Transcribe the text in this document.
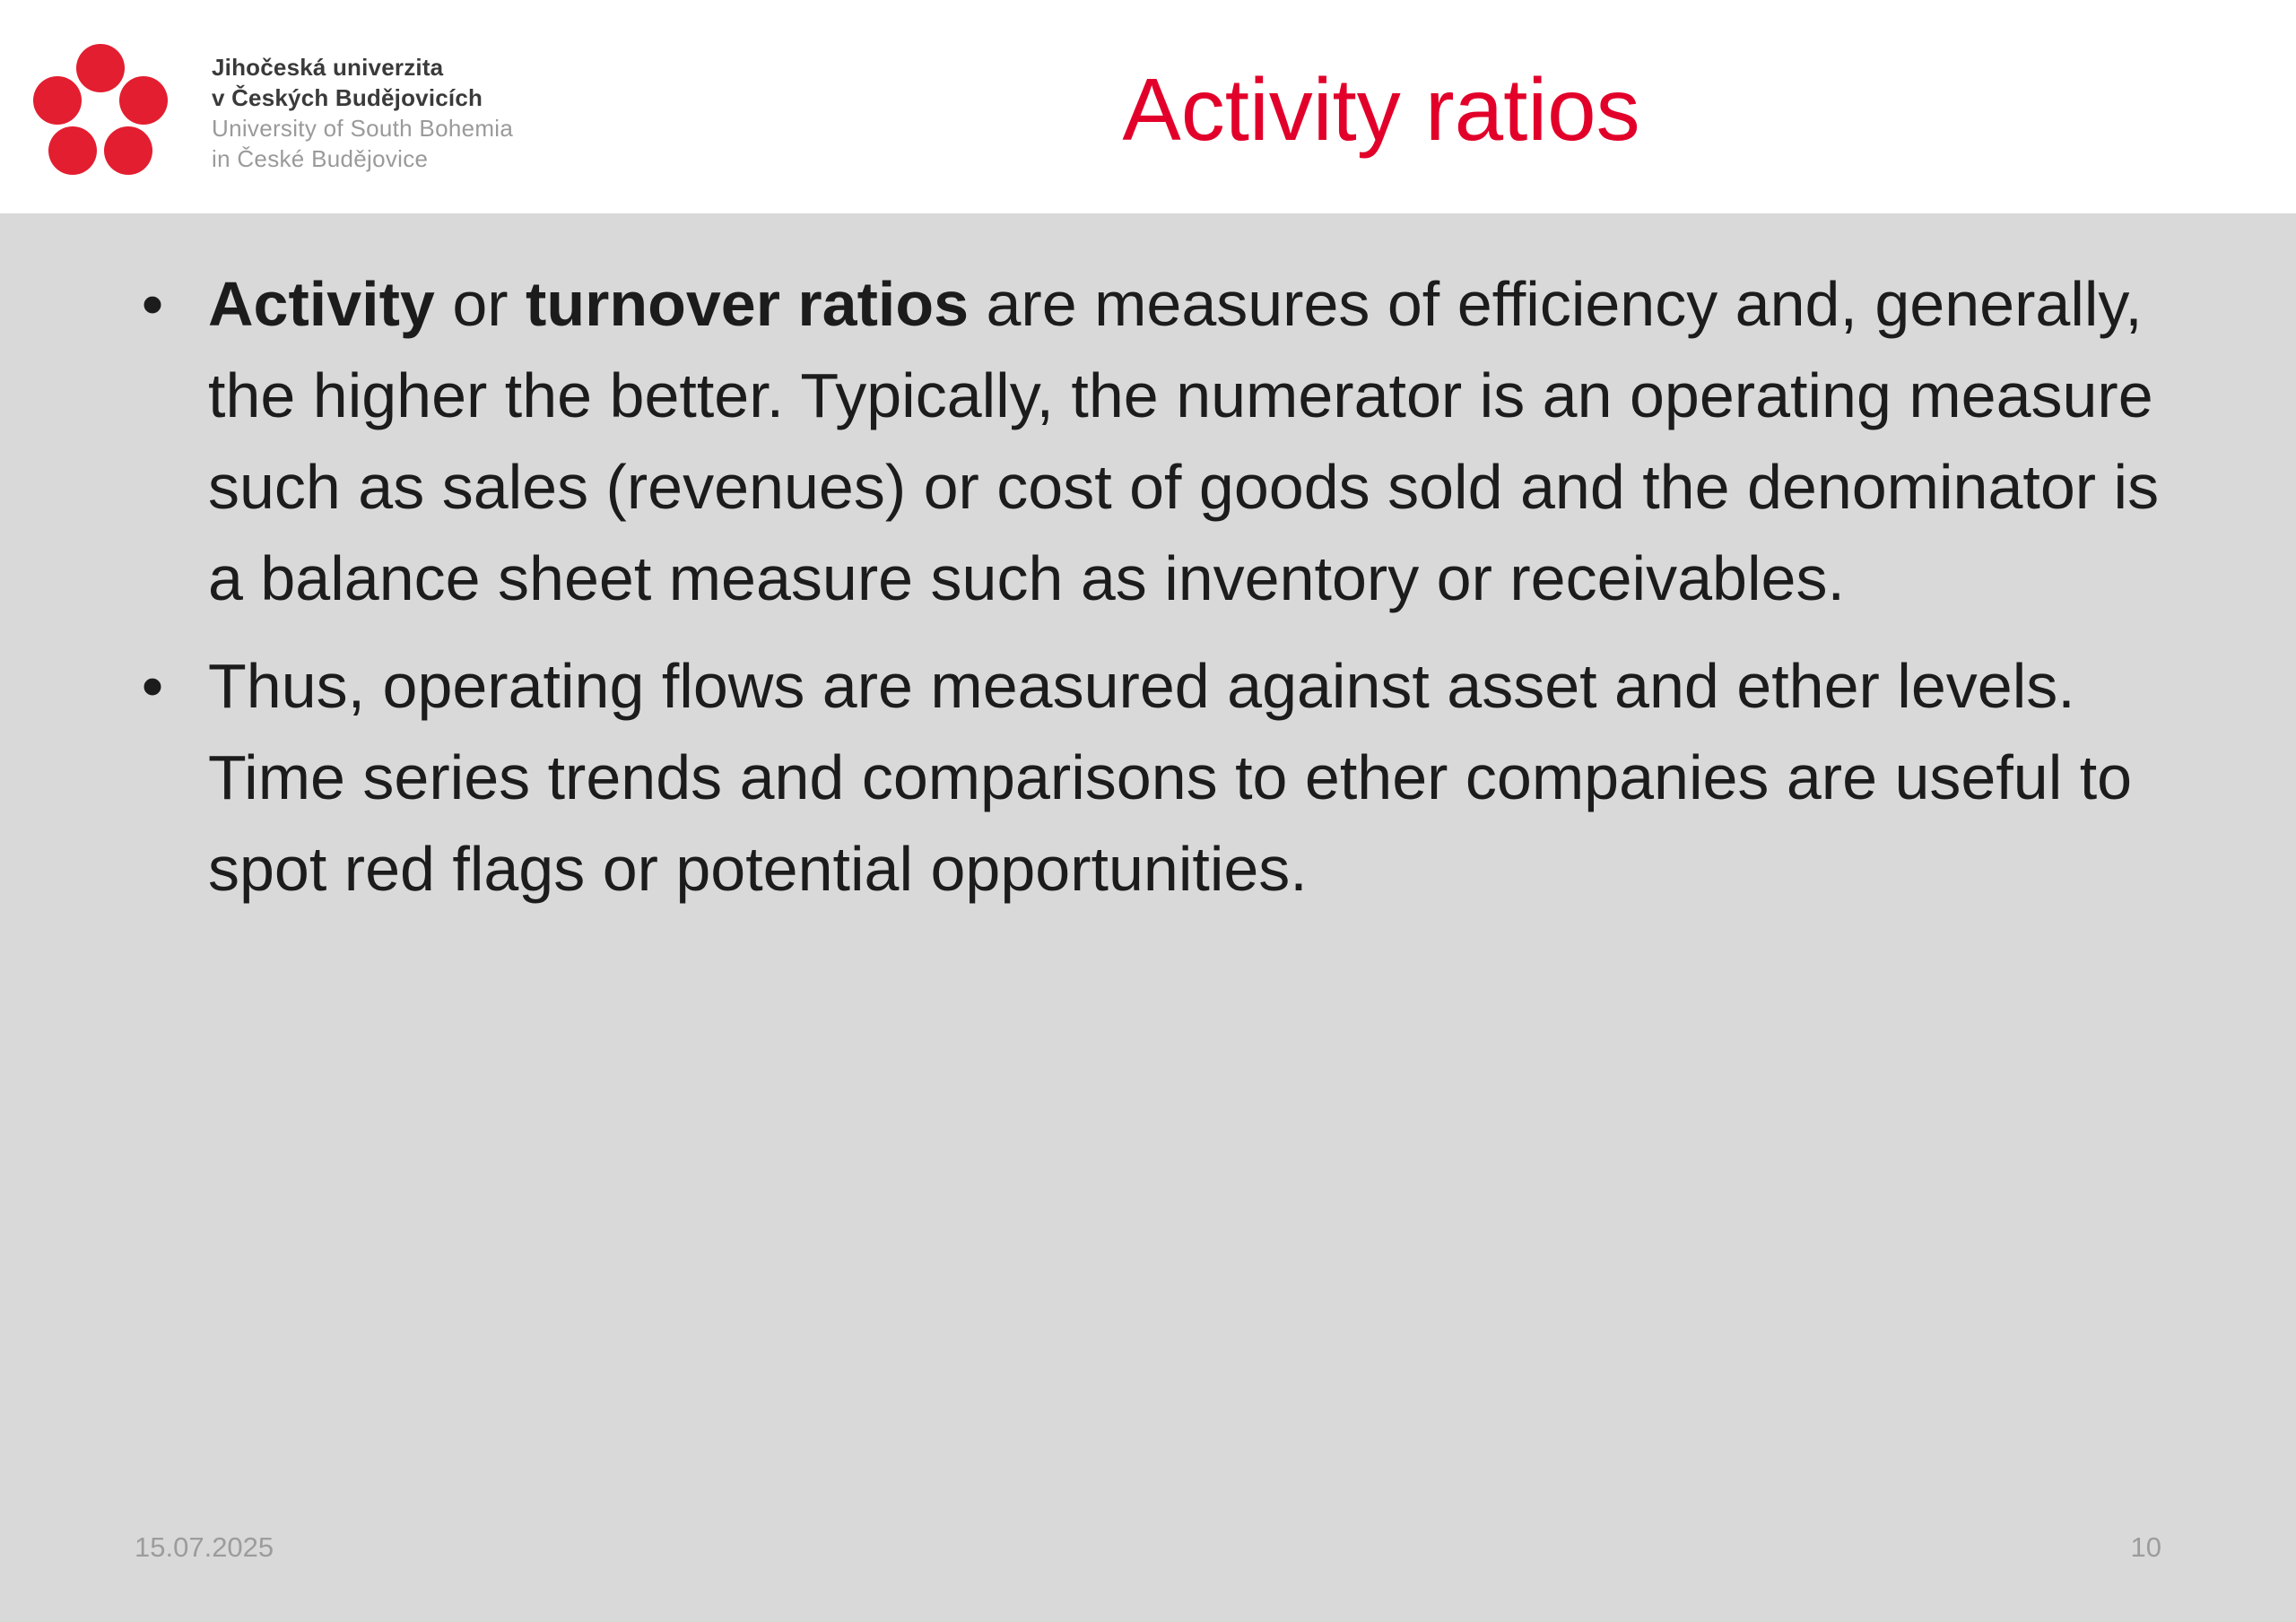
Jihočeská univerzita
v Českých Budějovicích
University of South Bohemia
in České Budějovice	Activity ratios
• Activity or turnover ratios are measures of efficiency and, generally, the higher the better. Typically, the numerator is an operating measure such as sales (revenues) or cost of goods sold and the denominator is a balance sheet measure such as inventory or receivables.
• Thus, operating flows are measured against asset and ether levels. Time series trends and comparisons to ether companies are useful to spot red flags or potential opportunities.
15.07.2025	10
